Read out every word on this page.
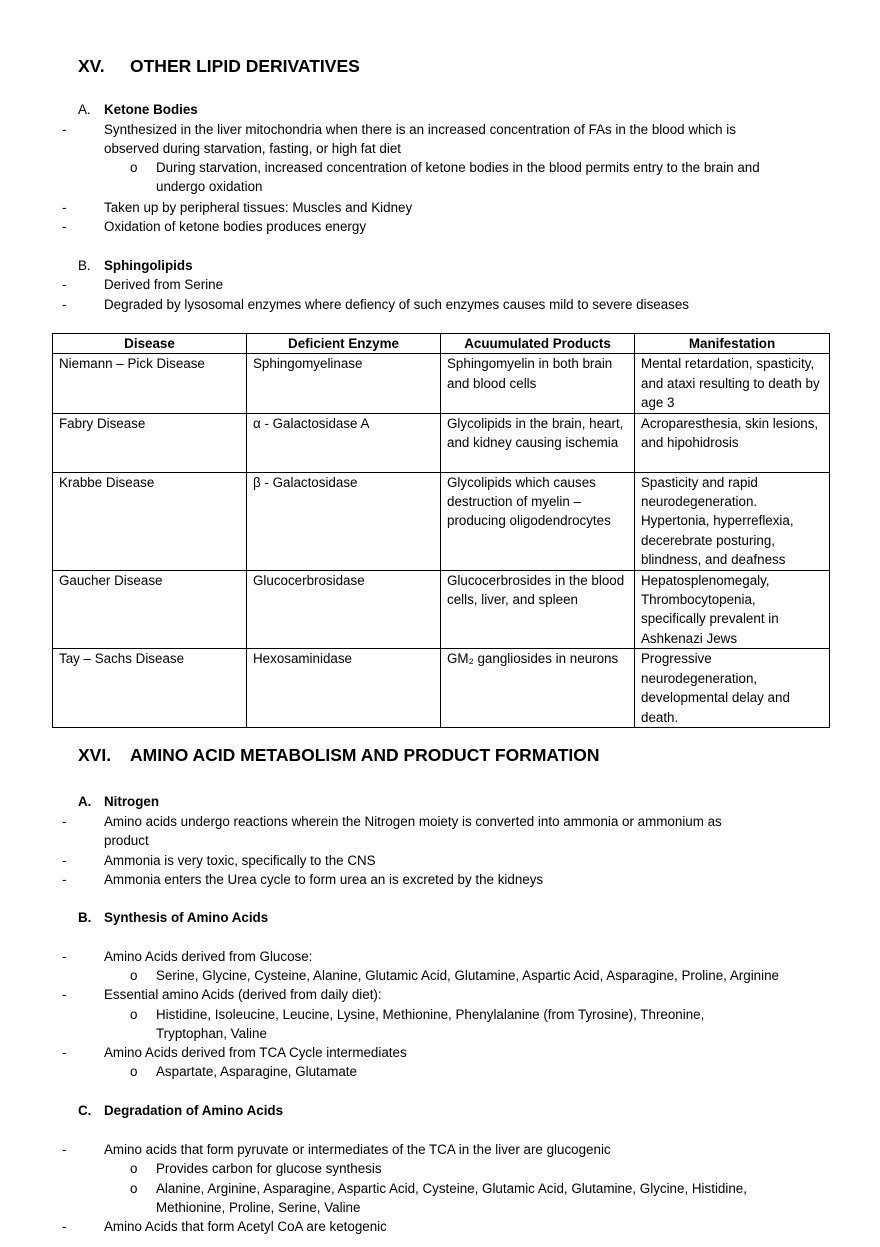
XV. OTHER LIPID DERIVATIVES
A. Ketone Bodies
-	Synthesized in the liver mitochondria when there is an increased concentration of FAs in the blood which is
observed during starvation, fasting, or high fat diet
o During starvation, increased concentration of ketone bodies in the blood permits entry to the brain and
undergo oxidation
-	Taken up by peripheral tissues: Muscles and Kidney
-	Oxidation of ketone bodies produces energy
B. Sphingolipids
-	Derived from Serine
-	Degraded by lysosomal enzymes where defiency of such enzymes causes mild to severe diseases
Disease	Deficient Enzyme	Acuumulated Products	Manifestation
Niemann – Pick Disease	Sphingomyelinase	Sphingomyelin in both brain and blood cells	Mental retardation, spasticity, and ataxi resulting to death by age 3
Fabry Disease	α - Galactosidase A	Glycolipids in the brain, heart, and kidney causing ischemia	Acroparesthesia, skin lesions, and hipohidrosis
Krabbe Disease	β - Galactosidase	Glycolipids which causes destruction of myelin – producing oligodendrocytes	Spasticity and rapid neurodegeneration. Hypertonia, hyperreflexia, decerebrate posturing, blindness, and deafness
Gaucher Disease	Glucocerbrosidase	Glucocerbrosides in the blood cells, liver, and spleen	Hepatosplenomegaly, Thrombocytopenia, specifically prevalent in Ashkenazi Jews
Tay – Sachs Disease	Hexosaminidase	GM₂ gangliosides in neurons	Progressive neurodegeneration, developmental delay and death.
XVI. AMINO ACID METABOLISM AND PRODUCT FORMATION
A. Nitrogen
-	Amino acids undergo reactions wherein the Nitrogen moiety is converted into ammonia or ammonium as
product
-	Ammonia is very toxic, specifically to the CNS
-	Ammonia enters the Urea cycle to form urea an is excreted by the kidneys
B. Synthesis of Amino Acids
-	Amino Acids derived from Glucose:
o Serine, Glycine, Cysteine, Alanine, Glutamic Acid, Glutamine, Aspartic Acid, Asparagine, Proline, Arginine
-	Essential amino Acids (derived from daily diet):
o Histidine, Isoleucine, Leucine, Lysine, Methionine, Phenylalanine (from Tyrosine), Threonine,
Tryptophan, Valine
-	Amino Acids derived from TCA Cycle intermediates
o Aspartate, Asparagine, Glutamate
C. Degradation of Amino Acids
-	Amino acids that form pyruvate or intermediates of the TCA in the liver are glucogenic
o Provides carbon for glucose synthesis
o Alanine, Arginine, Asparagine, Aspartic Acid, Cysteine, Glutamic Acid, Glutamine, Glycine, Histidine,
Methionine, Proline, Serine, Valine
-	Amino Acids that form Acetyl CoA are ketogenic
